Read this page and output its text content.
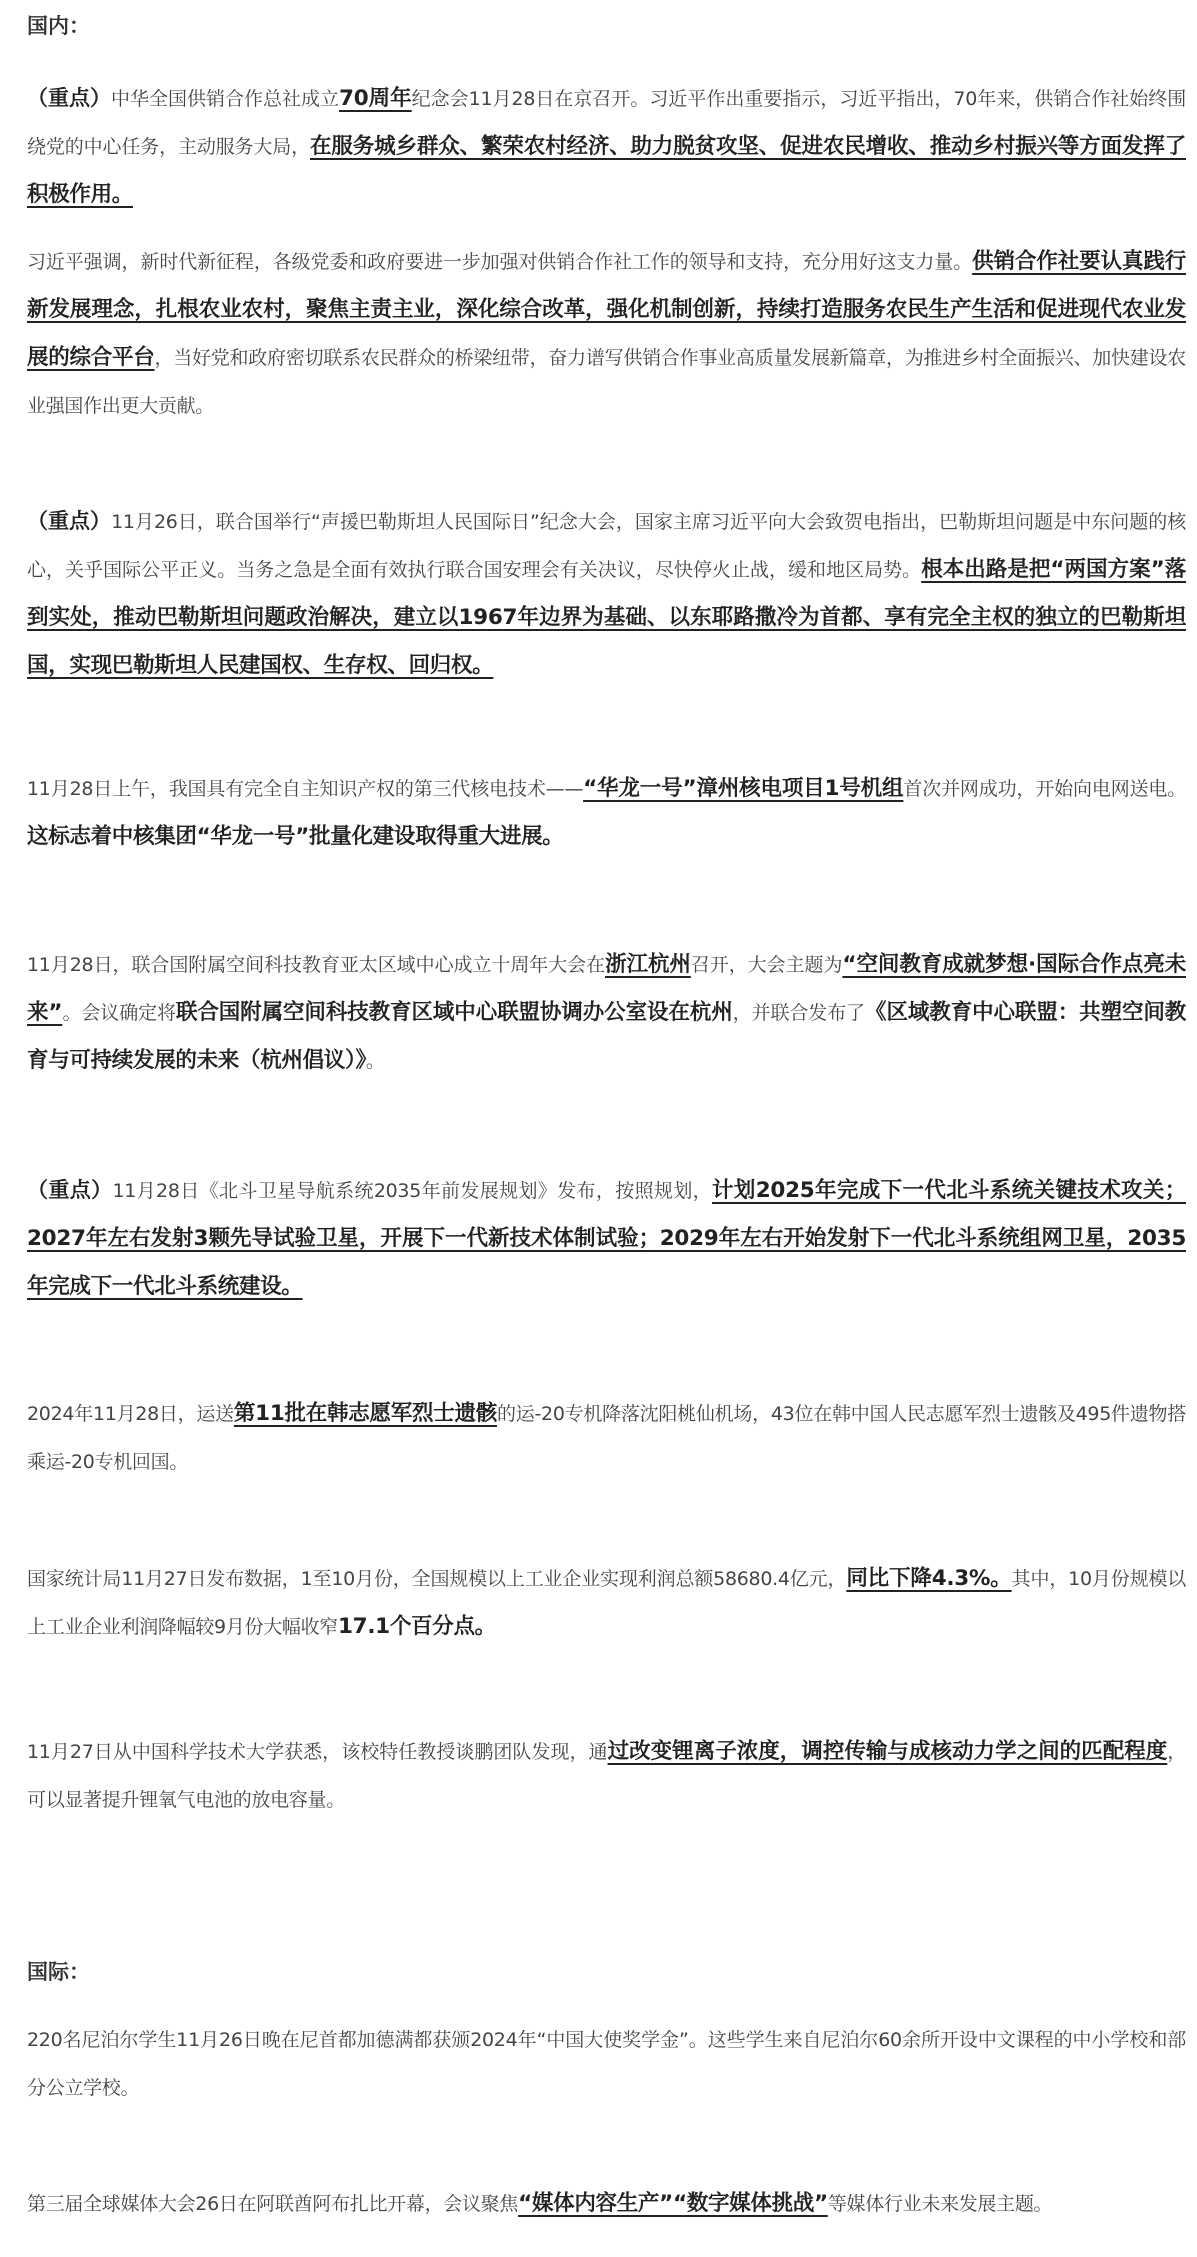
国内：

（重点）中华全国供销合作总社成立70周年纪念会11月28日在京召开。习近平作出重要指示，习近平指出，70年来，供销合作社始终围绕党的中心任务，主动服务大局，在服务城乡群众、繁荣农村经济、助力脱贫攻坚、促进农民增收、推动乡村振兴等方面发挥了积极作用。

习近平强调，新时代新征程，各级党委和政府要进一步加强对供销合作社工作的领导和支持，充分用好这支力量。供销合作社要认真践行新发展理念，扎根农业农村，聚焦主责主业，深化综合改革，强化机制创新，持续打造服务农民生产生活和促进现代农业发展的综合平台，当好党和政府密切联系农民群众的桥梁纽带，奋力谱写供销合作事业高质量发展新篇章，为推进乡村全面振兴、加快建设农业强国作出更大贡献。

（重点）11月26日，联合国举行“声援巴勒斯坦人民国际日”纪念大会，国家主席习近平向大会致贺电指出，巴勒斯坦问题是中东问题的核心，关乎国际公平正义。当务之急是全面有效执行联合国安理会有关决议，尽快停火止战，缓和地区局势。根本出路是把“两国方案”落到实处，推动巴勒斯坦问题政治解决，建立以1967年边界为基础、以东耶路撒冷为首都、享有完全主权的独立的巴勒斯坦国，实现巴勒斯坦人民建国权、生存权、回归权。

11月28日上午，我国具有完全自主知识产权的第三代核电技术——“华龙一号”漳州核电项目1号机组首次并网成功，开始向电网送电。这标志着中核集团“华龙一号”批量化建设取得重大进展。

11月28日，联合国附属空间科技教育亚太区域中心成立十周年大会在浙江杭州召开，大会主题为“空间教育成就梦想·国际合作点亮未来”。会议确定将联合国附属空间科技教育区域中心联盟协调办公室设在杭州，并联合发布了《区域教育中心联盟：共塑空间教育与可持续发展的未来（杭州倡议）》。

（重点）11月28日《北斗卫星导航系统2035年前发展规划》发布，按照规划，计划2025年完成下一代北斗系统关键技术攻关；2027年左右发射3颗先导试验卫星，开展下一代新技术体制试验；2029年左右开始发射下一代北斗系统组网卫星，2035年完成下一代北斗系统建设。

2024年11月28日，运送第11批在韩志愿军烈士遗骸的运-20专机降落沈阳桃仙机场，43位在韩中国人民志愿军烈士遗骸及495件遗物搭乘运-20专机回国。

国家统计局11月27日发布数据，1至10月份，全国规模以上工业企业实现利润总额58680.4亿元，同比下降4.3%。其中，10月份规模以上工业企业利润降幅较9月份大幅收窄17.1个百分点。

11月27日从中国科学技术大学获悉，该校特任教授谈鹏团队发现，通过改变锂离子浓度，调控传输与成核动力学之间的匹配程度，可以显著提升锂氧气电池的放电容量。

国际：

220名尼泊尔学生11月26日晚在尼首都加德满都获颁2024年“中国大使奖学金”。这些学生来自尼泊尔60余所开设中文课程的中小学校和部分公立学校。

第三届全球媒体大会26日在阿联酋阿布扎比开幕，会议聚焦“媒体内容生产”“数字媒体挑战”等媒体行业未来发展主题。
